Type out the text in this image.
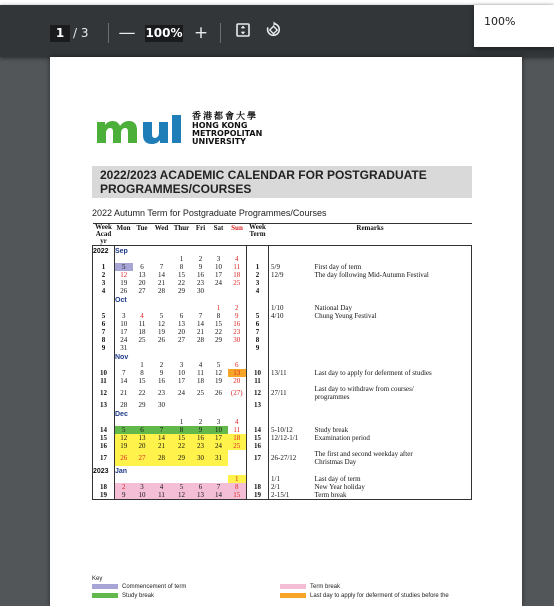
1 / 3 — 100% +
100%
香港都會大學
HONG KONG
METROPOLITAN
UNIVERSITY
2022/2023 ACADEMIC CALENDAR FOR POSTGRADUATE
PROGRAMMES/COURSES
2022 Autumn Term for Postgraduate Programmes/Courses
Week Acad yr	Mon	Tue	Wed	Thur	Fri	Sat	Sun	Week Term	Remarks	
2022	Sep									
				1	2	3	4			
1	5	6	7	8	9	10	11	1	5/9	First day of term
2	12	13	14	15	16	17	18	2	12/9	The day following Mid-Autumn Festival
3	19	20	21	22	23	24	25	3		
4	26	27	28	29	30			4		
	Oct									
						1	2		1/10	National Day
5	3	4	5	6	7	8	9	5	4/10	Chung Yeung Festival
6	10	11	12	13	14	15	16	6		
7	17	18	19	20	21	22	23	7		
8	24	25	26	27	28	29	30	8		
9	31							9		
	Nov									
		1	2	3	4	5	6			
10	7	8	9	10	11	12	13	10	13/11	Last day to apply for deferment of studies
11	14	15	16	17	18	19	20	11		
12	21	22	23	24	25	26	(27)	12	27/11	Last day to withdraw from courses/
programmes

13	28	29	30					13		
	Dec									
				1	2	3	4			
14	5	6	7	8	9	10	11	14	5-10/12	Study break
15	12	13	14	15	16	17	18	15	12/12-1/1	Examination period
16	19	20	21	22	23	24	25	16		
17	26	27	28	29	30	31		17	26-27/12	The first and second weekday after
Christmas Day

2023	Jan									
							1		1/1	Last day of term
18	2	3	4	5	6	7	8	18	2/1	New Year holiday
19	9	10	11	12	13	14	15	19	2-15/1	Term break
Key
Commencement of term
Study break
Term break
Last day to apply for deferment of studies before the
